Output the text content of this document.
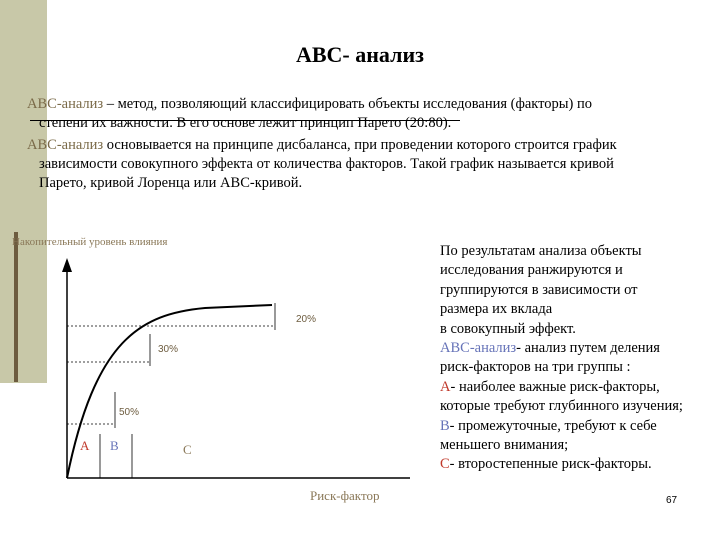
ABC- анализ
ABC-анализ – метод, позволяющий классифицировать объекты исследования (факторы) по
степени их важности. В его основе лежит принцип Парето (20:80).
ABC-анализ основывается на принципе дисбаланса, при проведении которого строится график
зависимости совокупного эффекта от количества факторов. Такой график называется кривой
Парето, кривой Лоренца или ABC-кривой.
Накопительный уровень влияния
20%
30%
50%
A B	C
Риск-фактор
По результатам анализа объекты
исследования ранжируются и
группируются в зависимости от
размера их вклада
в совокупный эффект.
ABC-анализ- анализ путем деления
риск-факторов на три группы :
A- наиболее важные риск-факторы,
которые требуют глубинного изучения;
B- промежуточные, требуют к себе
меньшего внимания;
C- второстепенные риск-факторы.
67
